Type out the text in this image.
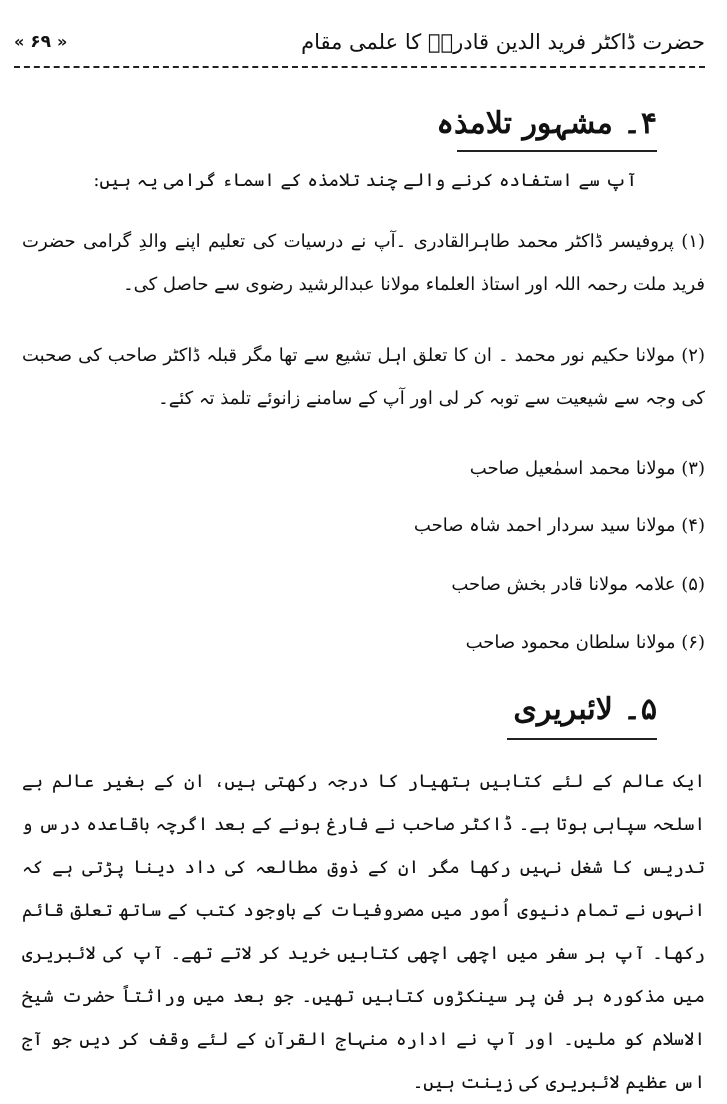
حضرت ڈاکٹر فرید الدین قادریؒ کا علمی مقام
« ۶۹ »
۴۔ مشہور تلامذہ
آپ سے استفادہ کرنے والے چند تلامذہ کے اسماء گرامی یہ ہیں:
(۱) پروفیسر ڈاکٹر محمد طاہرالقادری ۔آپ نے درسیات کی تعلیم اپنے والدِ گرامی حضرت فرید ملت رحمہ اللہ اور استاذ العلماء مولانا عبدالرشید رضوی سے حاصل کی۔
(۲) مولانا حکیم نور محمد ۔ ان کا تعلق اہل تشیع سے تھا مگر قبلہ ڈاکٹر صاحب کی صحبت کی وجہ سے شیعیت سے توبہ کر لی اور آپ کے سامنے زانوئے تلمذ تہ کئے۔
(۳) مولانا محمد اسمٰعیل صاحب
(۴) مولانا سید سردار احمد شاہ صاحب
(۵) علامہ مولانا قادر بخش صاحب
(۶) مولانا سلطان محمود صاحب
۵۔ لائبریری
ایک عالم کے لئے کتابیں ہتھیار کا درجہ رکھتی ہیں، ان کے بغیر عالم بے اسلحہ سپاہی ہوتا ہے۔ ڈاکٹر صاحب نے فارغ ہونے کے بعد اگرچہ باقاعدہ درس و تدریس کا شغل نہیں رکھا مگر ان کے ذوق مطالعہ کی داد دینا پڑتی ہے کہ انہوں نے تمام دنیوی اُمور میں مصروفیات کے باوجود کتب کے ساتھ تعلق قائم رکھا۔ آپ ہر سفر میں اچھی اچھی کتابیں خرید کر لاتے تھے۔ آپ کی لائبریری میں مذکورہ ہر فن پر سینکڑوں کتابیں تھیں۔ جو بعد میں وراثتاً حضرت شیخ الاسلام کو ملیں۔ اور آپ نے ادارہ منہاج القرآن کے لئے وقف کر دیں جو آج اس عظیم لائبریری کی زینت ہیں۔
